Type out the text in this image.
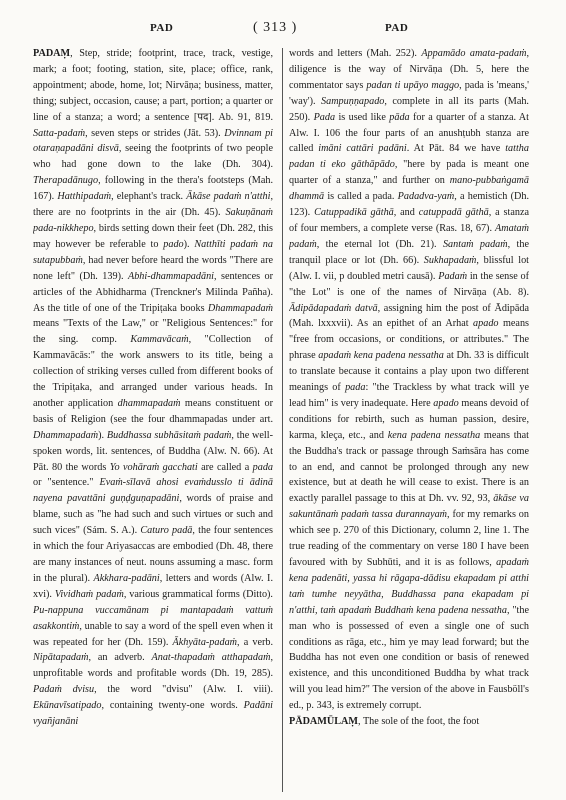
PAD	( 313 )	PAD

PADAṂ, Step, stride; footprint, trace, track, vestige, mark; a foot; footing, station, site, place; office, rank, appointment; abode, home, lot; Nirvāṇa; business, matter, thing; subject, occasion, cause; a part, portion; a quarter or line of a stanza; a word; a sentence [पद]. Ab. 91, 819. Satta-padaṁ, seven steps or strides (Jāt. 53). Dvinnam pi otaraṇapadāni disvā, seeing the footprints of two people who had gone down to the lake (Dh. 304). Therapadānugo, following in the thera's footsteps (Mah. 167). Hatthipadaṁ, elephant's track. Ākāse padaṁ n'atthi, there are no footprints in the air (Dh. 45). Sakuṇānaṁ pada-nikkhepo, birds setting down their feet (Dh. 282, this may however be referable to pado). Natthīti padaṁ na sutapubbaṁ, had never before heard the words "There are none left" (Dh. 139). Abhi-dhammapadāni, sentences or articles of the Abhidharma (Trenckner's Milinda Pañha). As the title of one of the Tripiṭaka books Dhammapadaṁ means "Texts of the Law," or "Religious Sentences:" for the sing. comp. Kammavācaṁ, "Collection of Kammavācās:" the work answers to its title, being a collection of striking verses culled from different books of the Tripiṭaka, and arranged under various heads. In another application dhammapadaṁ means constituent or basis of Religion (see the four dhammapadas under art. Dhammapadaṁ). Buddhassa subhāsitaṁ padaṁ, the well-spoken words, lit. sentences, of Buddha (Alw. N. 66). At Pāt. 80 the words Yo vohāraṁ gacchati are called a pada or "sentence." Evaṁ-sīlavā ahosi evaṁdusslo ti ādinā nayena pavattāni guṇḍguṇapadāni, words of praise and blame, such as "he had such and such virtues or such and such vices" (Sám. S. A.). Caturo padā, the four sentences in which the four Ariyasaccas are embodied (Dh. 48, there are many instances of neut. nouns assuming a masc. form in the plural). Akkhara-padāni, letters and words (Alw. I. xvi). Vividhaṁ padaṁ, various grammatical forms (Ditto). Pu-nappuna vuccamānam pi mantapadaṁ vattuṁ asakkontiṁ, unable to say a word of the spell even when it was repeated for her (Dh. 159). Ākhyāta-padaṁ, a verb. Nipātapadaṁ, an adverb. Anat-thapadaṁ atthapadaṁ, unprofitable words and profitable words (Dh. 19, 285). Padaṁ dvisu, the word "dvisu" (Alw. I. viii). Ekūnavīsatipado, containing twenty-one words. Padāni vyañjanāni

words and letters (Mah. 252). Appamādo amata-padaṁ, diligence is the way of Nirvāṇa (Dh. 5, here the commentator says padan ti upāyo maggo, pada is 'means,' 'way'). Sampuṇṇapado, complete in all its parts (Mah. 250). Pada is used like pāda for a quarter of a stanza. At Alw. I. 106 the four parts of an anushṭubh stanza are called imāni cattāri padāni. At Pāt. 84 we have tattha padan ti eko gāthāpādo, "here by pada is meant one quarter of a stanza," and further on mano-pubbaṅgamā dhammā is called a pada. Padadva-yaṁ, a hemistich (Dh. 123). Catuppadikā gāthā, and catuppadā gāthā, a stanza of four members, a complete verse (Ras. 18, 67). Amataṁ padaṁ, the eternal lot (Dh. 21). Santaṁ padaṁ, the tranquil place or lot (Dh. 66). Sukhapadaṁ, blissful lot (Alw. I. vii, p doubled metri causā). Padaṁ in the sense of "the Lot" is one of the names of Nirvāṇa (Ab. 8). Ādipādapadaṁ datvā, assigning him the post of Ādipāda (Mah. lxxxvii). As an epithet of an Arhat apado means "free from occasions, or conditions, or attributes." The phrase apadaṁ kena padena nessatha at Dh. 33 is difficult to translate because it contains a play upon two different meanings of pada: "the Trackless by what track will ye lead him" is very inadequate. Here apado means devoid of conditions for rebirth, such as human passion, desire, karma, kleça, etc., and kena padena nessatha means that the Buddha's track or passage through Saṁsāra has come to an end, and cannot be prolonged through any new existence, but at death he will cease to exist. There is an exactly parallel passage to this at Dh. vv. 92, 93, ākāse va sakuntānaṁ padaṁ tassa durannayaṁ, for my remarks on which see p. 270 of this Dictionary, column 2, line 1. The true reading of the commentary on verse 180 I have been favoured with by Subhūti, and it is as follows, apadaṁ kena padenāti, yassa hi rāgapa-dādisu ekapadam pi atthi taṁ tumhe neyyātha, Buddhassa pana ekapadam pi n'atthi, taṁ apadaṁ Buddhaṁ kena padena nessatha, "the man who is possessed of even a single one of such conditions as rāga, etc., him ye may lead forward; but the Buddha has not even one condition or basis of renewed existence, and this unconditioned Buddha by what track will you lead him?" The version of the above in Fausböll's ed., p. 343, is extremely corrupt.

PĀDAMŪLAṂ, The sole of the foot, the foot
